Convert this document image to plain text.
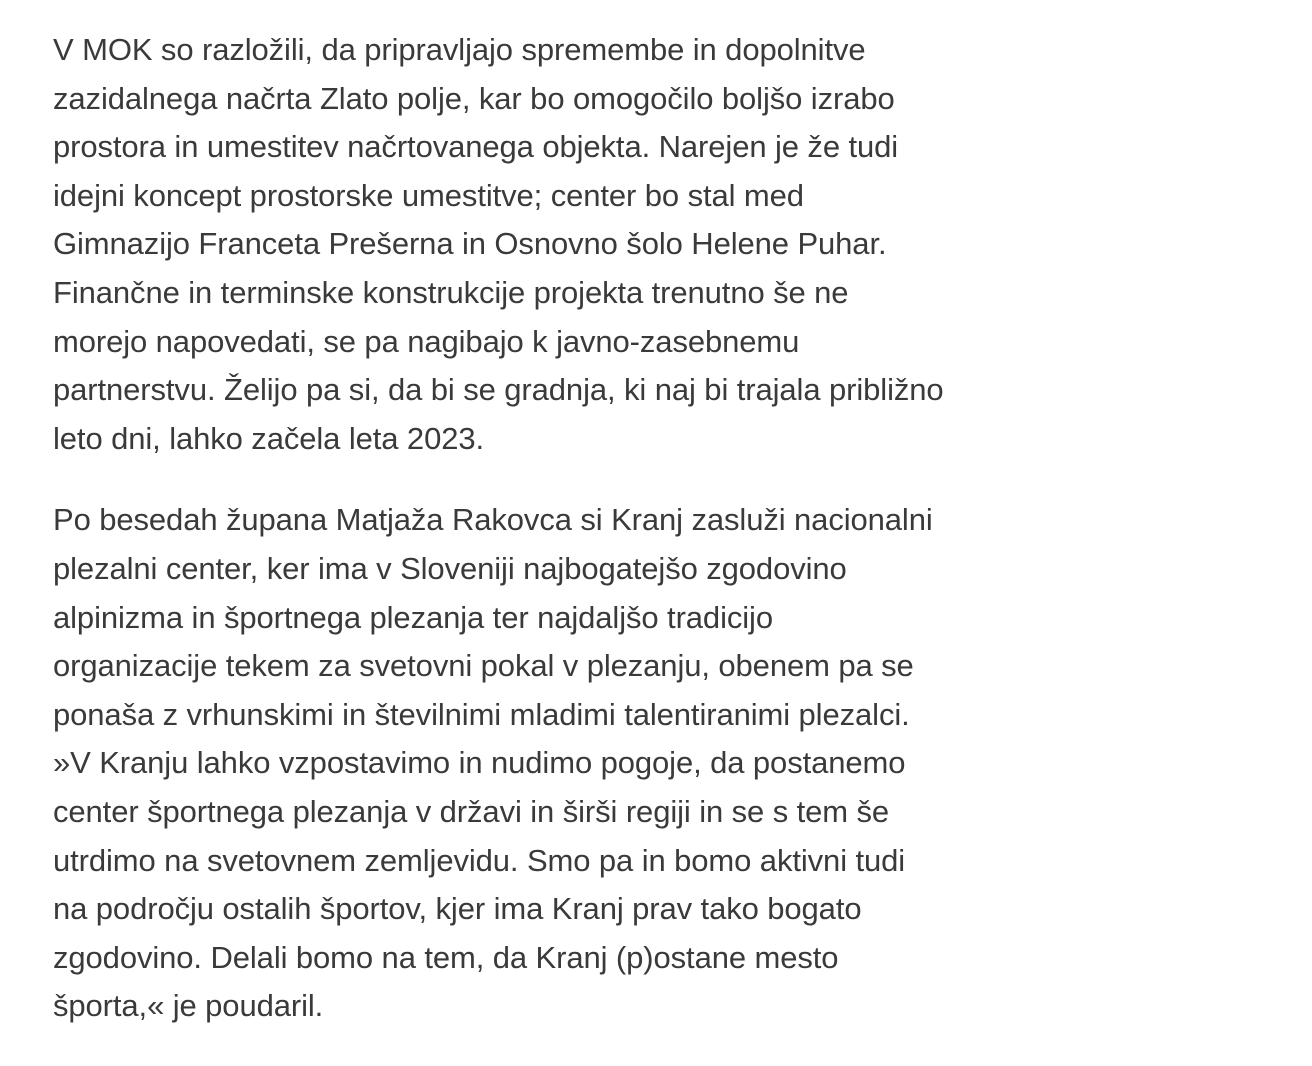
V MOK so razložili, da pripravljajo spremembe in dopolnitve
zazidalnega načrta Zlato polje, kar bo omogočilo boljšo izrabo
prostora in umestitev načrtovanega objekta. Narejen je že tudi
idejni koncept prostorske umestitve; center bo stal med
Gimnazijo Franceta Prešerna in Osnovno šolo Helene Puhar.
Finančne in terminske konstrukcije projekta trenutno še ne
morejo napovedati, se pa nagibajo k javno-zasebnemu
partnerstvu. Želijo pa si, da bi se gradnja, ki naj bi trajala približno
leto dni, lahko začela leta 2023.

Po besedah župana Matjaža Rakovca si Kranj zasluži nacionalni
plezalni center, ker ima v Sloveniji najbogatejšo zgodovino
alpinizma in športnega plezanja ter najdaljšo tradicijo
organizacije tekem za svetovni pokal v plezanju, obenem pa se
ponaša z vrhunskimi in številnimi mladimi talentiranimi plezalci.
»V Kranju lahko vzpostavimo in nudimo pogoje, da postanemo
center športnega plezanja v državi in širši regiji in se s tem še
utrdimo na svetovnem zemljevidu. Smo pa in bomo aktivni tudi
na področju ostalih športov, kjer ima Kranj prav tako bogato
zgodovino. Delali bomo na tem, da Kranj (p)ostane mesto
športa,« je poudaril.
